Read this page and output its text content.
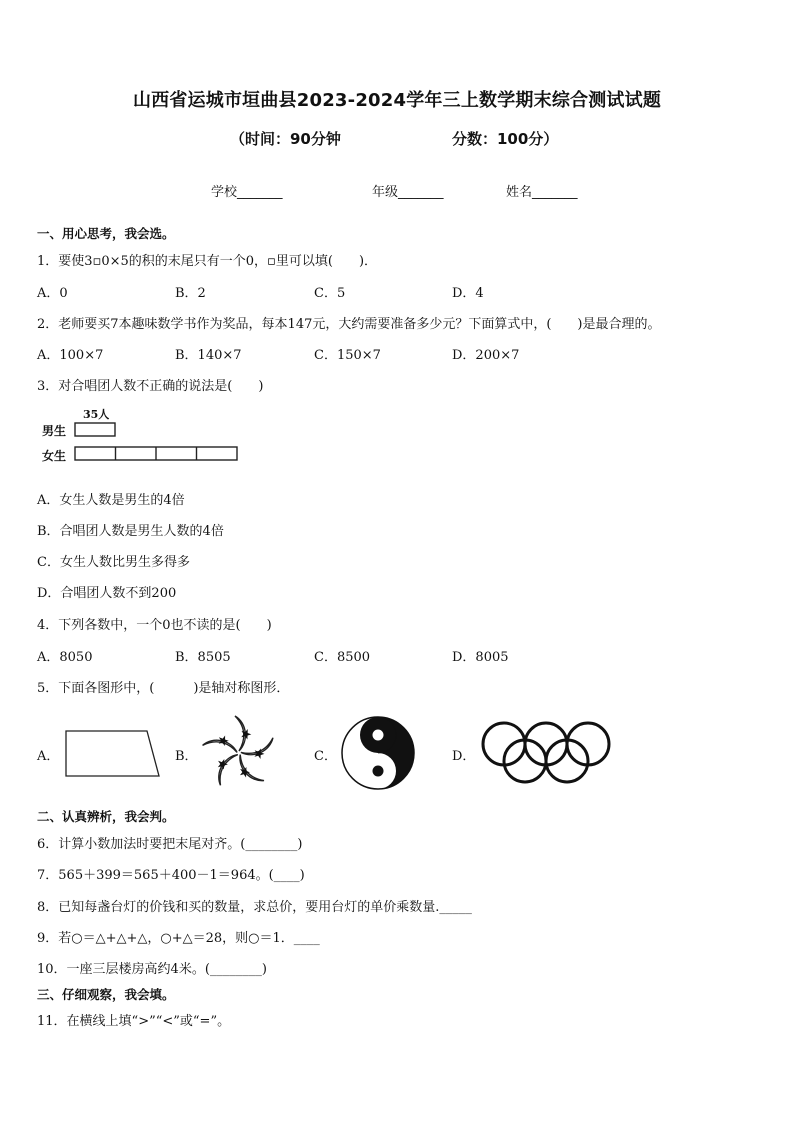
山西省运城市垣曲县2023-2024学年三上数学期末综合测试试题
（时间：90分钟	分数：100分）
学校_______	年级_______	姓名_______
一、用心思考，我会选。
1．要使3▫0×5的积的末尾只有一个0，▫里可以填(　　)．
A．0	B．2	C．5	D．4
2．老师要买7本趣味数学书作为奖品，每本147元，大约需要准备多少元？下面算式中，(　　)是最合理的。
A．100×7	B．140×7	C．150×7	D．200×7
3．对合唱团人数不正确的说法是(　　)
35人
男生
女生
A．女生人数是男生的4倍
B．合唱团人数是男生人数的4倍
C．女生人数比男生多得多
D．合唱团人数不到200
4．下列各数中，一个0也不读的是(　　)
A．8050	B．8505	C．8500	D．8005
5．下面各图形中，(　　　)是轴对称图形．
A．	B．	C．	D．
二、认真辨析，我会判。
6．计算小数加法时要把末尾对齐。(________)
7．565＋399＝565＋400－1＝964。(____)
8．已知每盏台灯的价钱和买的数量，求总价，要用台灯的单价乘数量._____
9．若○＝△+△+△，○+△＝28，则○＝1．____
10．一座三层楼房高约4米。(________)
三、仔细观察，我会填。
11．在横线上填“>”“<”或“=”。
